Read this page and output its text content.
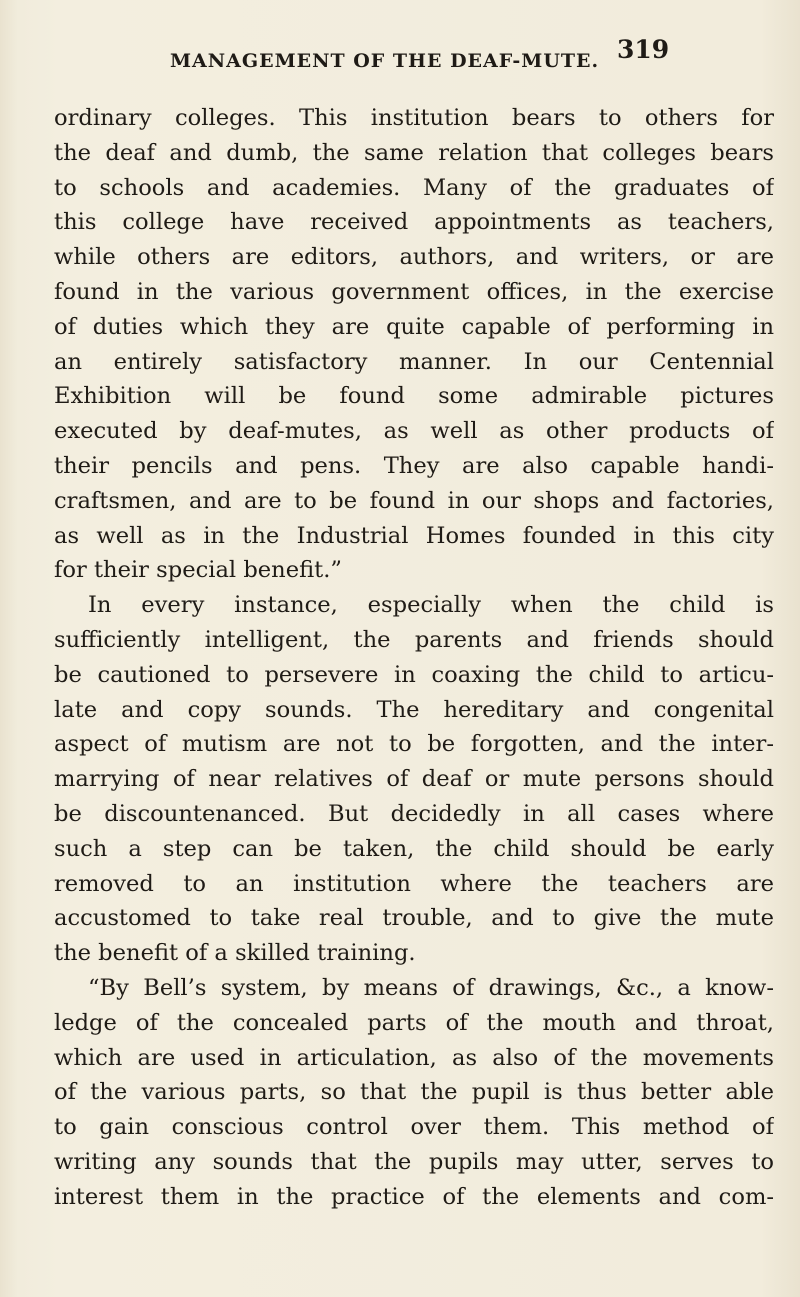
MANAGEMENT OF THE DEAF-MUTE. 319
ordinary colleges. This institution bears to others for
the deaf and dumb, the same relation that colleges bears
to schools and academies. Many of the graduates of
this college have received appointments as teachers,
while others are editors, authors, and writers, or are
found in the various government offices, in the exercise
of duties which they are quite capable of performing in
an entirely satisfactory manner. In our Centennial
Exhibition will be found some admirable pictures
executed by deaf-mutes, as well as other products of
their pencils and pens. They are also capable handi-
craftsmen, and are to be found in our shops and factories,
as well as in the Industrial Homes founded in this city
for their special benefit.”
In every instance, especially when the child is
sufficiently intelligent, the parents and friends should
be cautioned to persevere in coaxing the child to articu-
late and copy sounds. The hereditary and congenital
aspect of mutism are not to be forgotten, and the inter-
marrying of near relatives of deaf or mute persons should
be discountenanced. But decidedly in all cases where
such a step can be taken, the child should be early
removed to an institution where the teachers are
accustomed to take real trouble, and to give the mute
the benefit of a skilled training.
“By Bell’s system, by means of drawings, &c., a know-
ledge of the concealed parts of the mouth and throat,
which are used in articulation, as also of the movements
of the various parts, so that the pupil is thus better able
to gain conscious control over them. This method of
writing any sounds that the pupils may utter, serves to
interest them in the practice of the elements and com-
